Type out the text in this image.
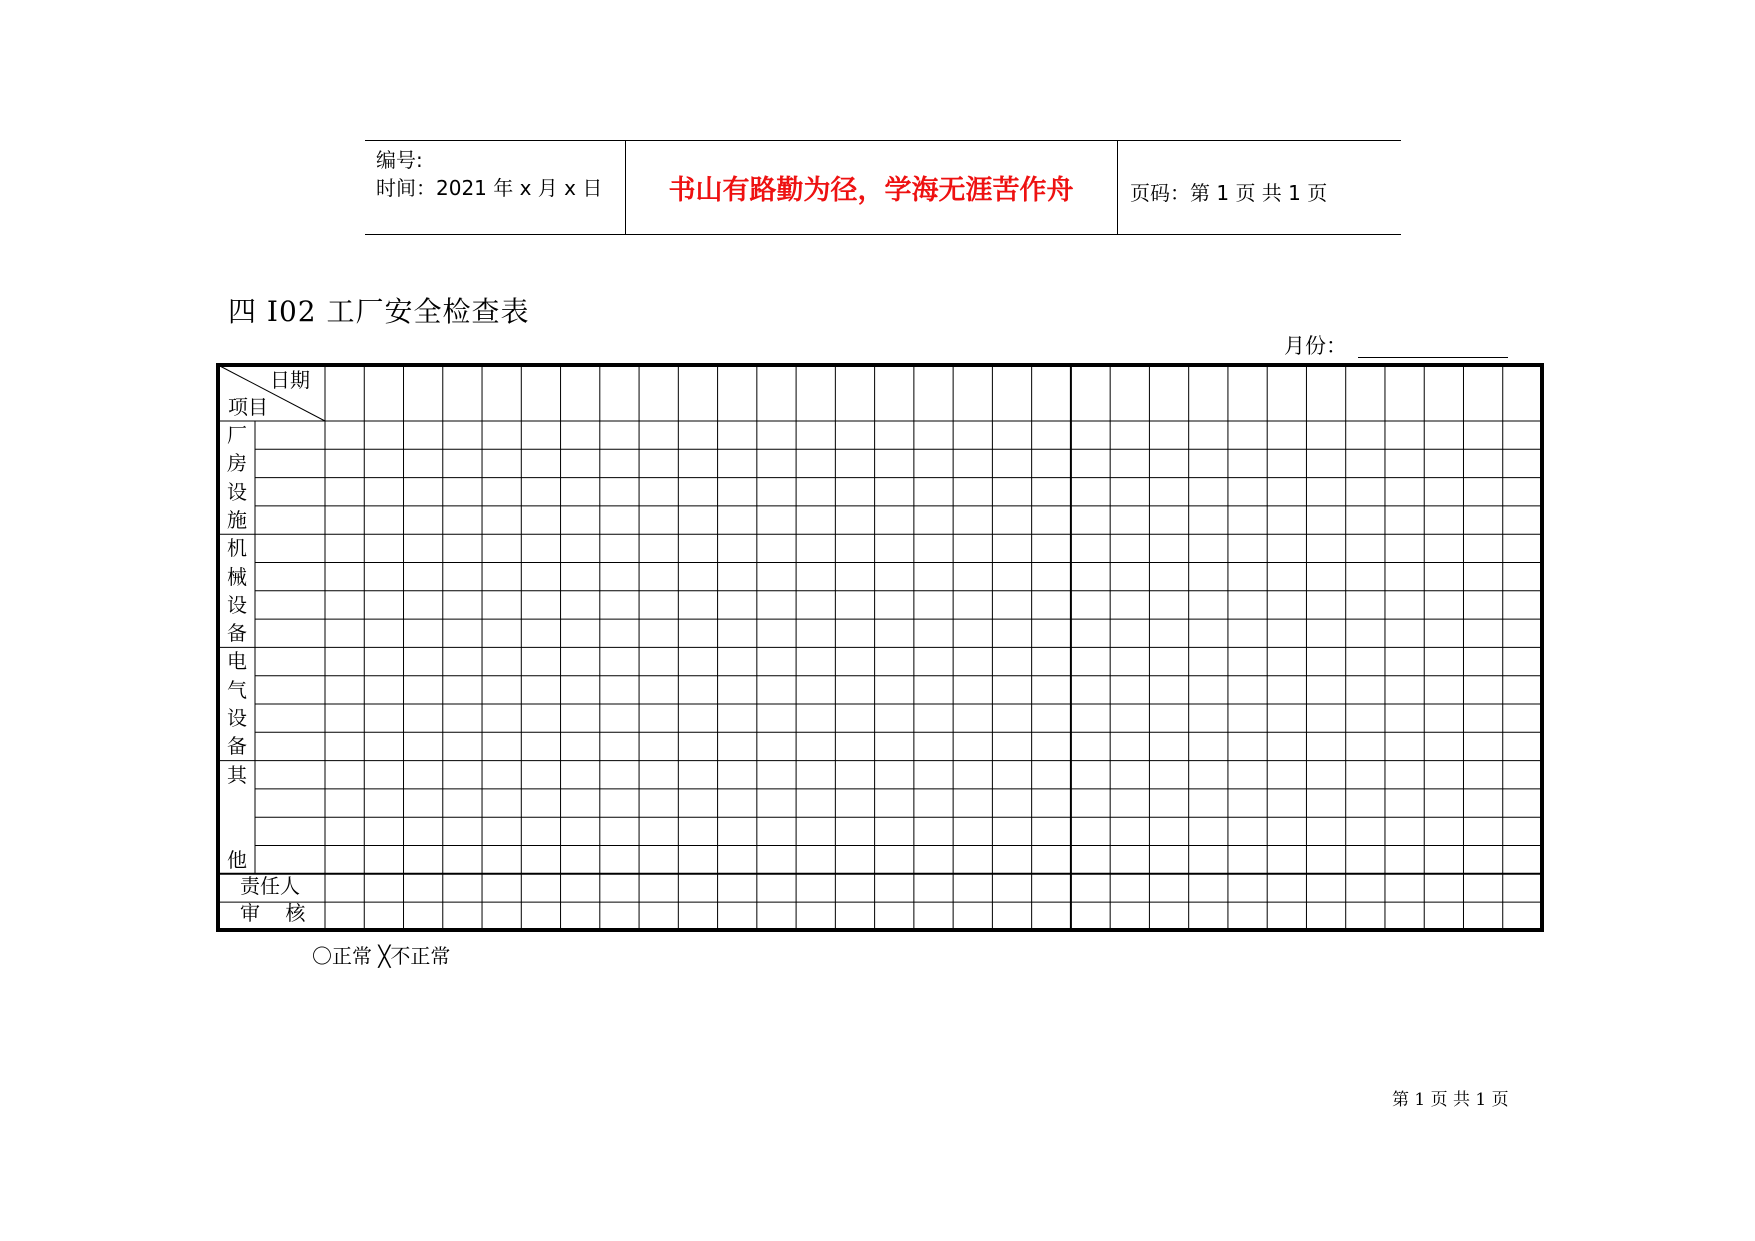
编号:
时间：2021 年 x 月 x 日	书山有路勤为径，学海无涯苦作舟	页码：第 1 页 共 1 页
四 I02 工厂安全检查表
月份：
日期
项目
厂
房
设
施
机
械
设
备
电
气
设
备
其
他
责任人
审    核
〇正常 ╳不正常
第 1 页 共 1 页
